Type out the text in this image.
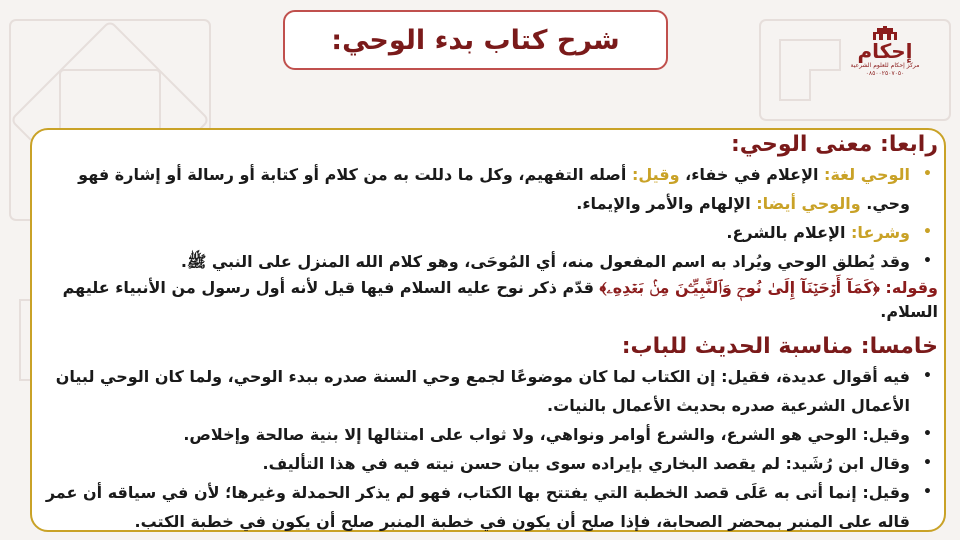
شرح كتاب بدء الوحي:	إحكام
مركز إحكام للعلوم الشرعية
٠٨٥٠٠٢٥٠٧٠٥٠

رابعا: معنى الوحي:

•
الوحي لغة: الإعلام في خفاء، وقيل: أصله التفهيم، وكل ما دللت به من كلام أو كتابة أو رسالة أو إشارة فهو وحي. والوحي أيضا: الإلهام والأمر والإيماء.
•
وشرعا: الإعلام بالشرع.
•
وقد يُطلق الوحي ويُراد به اسم المفعول منه، أي المُوحَى، وهو كلام الله المنزل على النبي ﷺ.

وقوله: ﴿كَمَآ أَوۡحَيۡنَآ إِلَىٰ نُوحٖ وَٱلنَّبِيِّـۧنَ مِنۢ بَعۡدِهِۦ﴾ قدّم ذكر نوح عليه السلام فيها قيل لأنه أول رسول من الأنبياء عليهم السلام.

خامسا: مناسبة الحديث للباب:

•
فيه أقوال عديدة، فقيل: إن الكتاب لما كان موضوعًا لجمع وحي السنة صدره ببدء الوحي، ولما كان الوحي لبيان الأعمال الشرعية صدره بحديث الأعمال بالنيات.
•
وقيل: الوحي هو الشرع، والشرع أوامر ونواهي، ولا ثواب على امتثالها إلا بنية صالحة وإخلاص.
•
وقال ابن رُشَيد: لم يقصد البخاري بإيراده سوى بيان حسن نيته فيه في هذا التأليف.
•
وقيل: إنما أتى به عَلَى قصد الخطبة التي يفتتح بها الكتاب، فهو لم يذكر الحمدلة وغيرها؛ لأن في سياقه أن عمر قاله على المنبر بمحضر الصحابة، فإذا صلح أن يكون في خطبة المنبر صلح أن يكون في خطبة الكتب.
